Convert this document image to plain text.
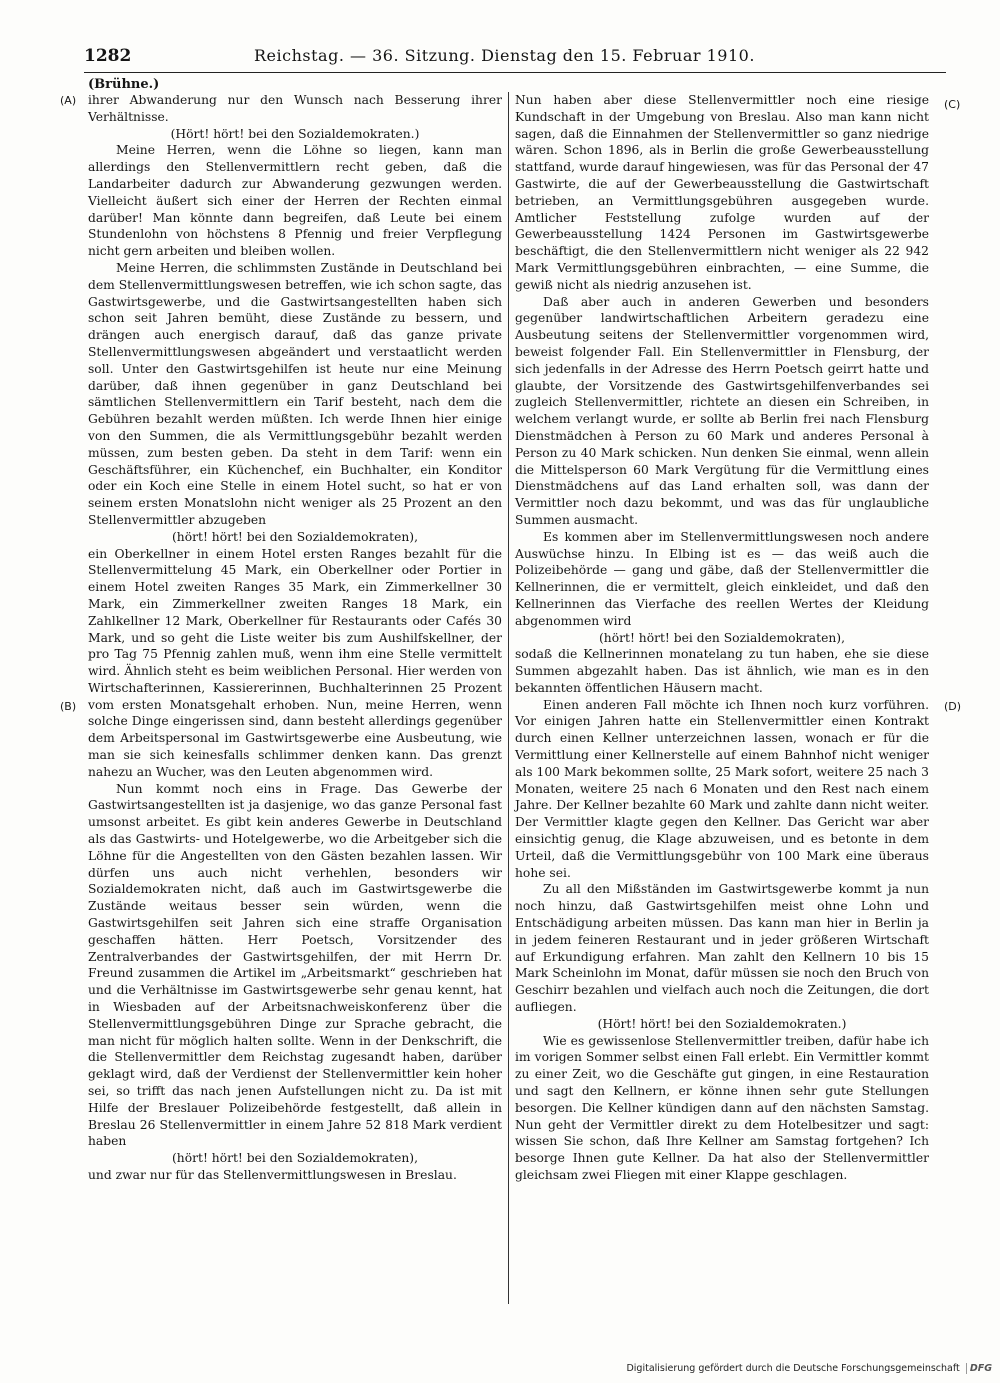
1282	Reichstag. — 36. Sitzung. Dienstag den 15. Februar 1910.
(Brühne.)
(A)
(B)
(C)
(D)

ihrer Abwanderung nur den Wunsch nach Besserung ihrer Verhältnisse.

(Hört! hört! bei den Sozialdemokraten.)

Meine Herren, wenn die Löhne so liegen, kann man allerdings den Stellenvermittlern recht geben, daß die Landarbeiter dadurch zur Abwanderung gezwungen werden. Vielleicht äußert sich einer der Herren der Rechten einmal darüber! Man könnte dann begreifen, daß Leute bei einem Stundenlohn von höchstens 8 Pfennig und freier Verpflegung nicht gern arbeiten und bleiben wollen.

Meine Herren, die schlimmsten Zustände in Deutschland bei dem Stellenvermittlungswesen betreffen, wie ich schon sagte, das Gastwirtsgewerbe, und die Gastwirtsangestellten haben sich schon seit Jahren bemüht, diese Zustände zu bessern, und drängen auch energisch darauf, daß das ganze private Stellenvermittlungswesen abgeändert und verstaatlicht werden soll. Unter den Gastwirtsgehilfen ist heute nur eine Meinung darüber, daß ihnen gegenüber in ganz Deutschland bei sämtlichen Stellenvermittlern ein Tarif besteht, nach dem die Gebühren bezahlt werden müßten. Ich werde Ihnen hier einige von den Summen, die als Vermittlungsgebühr bezahlt werden müssen, zum besten geben. Da steht in dem Tarif: wenn ein Geschäftsführer, ein Küchenchef, ein Buchhalter, ein Konditor oder ein Koch eine Stelle in einem Hotel sucht, so hat er von seinem ersten Monatslohn nicht weniger als 25 Prozent an den Stellenvermittler abzugeben

(hört! hört! bei den Sozialdemokraten),

ein Oberkellner in einem Hotel ersten Ranges bezahlt für die Stellenvermittelung 45 Mark, ein Oberkellner oder Portier in einem Hotel zweiten Ranges 35 Mark, ein Zimmerkellner 30 Mark, ein Zimmerkellner zweiten Ranges 18 Mark, ein Zahlkellner 12 Mark, Oberkellner für Restaurants oder Cafés 30 Mark, und so geht die Liste weiter bis zum Aushilfskellner, der pro Tag 75 Pfennig zahlen muß, wenn ihm eine Stelle vermittelt wird. Ähnlich steht es beim weiblichen Personal. Hier werden von Wirtschafterinnen, Kassiererinnen, Buchhalterinnen 25 Prozent vom ersten Monatsgehalt erhoben. Nun, meine Herren, wenn solche Dinge eingerissen sind, dann besteht allerdings gegenüber dem Arbeitspersonal im Gastwirtsgewerbe eine Ausbeutung, wie man sie sich keinesfalls schlimmer denken kann. Das grenzt nahezu an Wucher, was den Leuten abgenommen wird.

Nun kommt noch eins in Frage. Das Gewerbe der Gastwirtsangestellten ist ja dasjenige, wo das ganze Personal fast umsonst arbeitet. Es gibt kein anderes Gewerbe in Deutschland als das Gastwirts- und Hotelgewerbe, wo die Arbeitgeber sich die Löhne für die Angestellten von den Gästen bezahlen lassen. Wir dürfen uns auch nicht verhehlen, besonders wir Sozialdemokraten nicht, daß auch im Gastwirtsgewerbe die Zustände weitaus besser sein würden, wenn die Gastwirtsgehilfen seit Jahren sich eine straffe Organisation geschaffen hätten. Herr Poetsch, Vorsitzender des Zentralverbandes der Gastwirtsgehilfen, der mit Herrn Dr. Freund zusammen die Artikel im „Arbeitsmarkt“ geschrieben hat und die Verhältnisse im Gastwirtsgewerbe sehr genau kennt, hat in Wiesbaden auf der Arbeitsnachweiskonferenz über die Stellenvermittlungsgebühren Dinge zur Sprache gebracht, die man nicht für möglich halten sollte. Wenn in der Denkschrift, die die Stellenvermittler dem Reichstag zugesandt haben, darüber geklagt wird, daß der Verdienst der Stellenvermittler kein hoher sei, so trifft das nach jenen Aufstellungen nicht zu. Da ist mit Hilfe der Breslauer Polizeibehörde festgestellt, daß allein in Breslau 26 Stellenvermittler in einem Jahre 52 818 Mark verdient haben

(hört! hört! bei den Sozialdemokraten),

und zwar nur für das Stellenvermittlungswesen in Breslau.

Nun haben aber diese Stellenvermittler noch eine riesige Kundschaft in der Umgebung von Breslau. Also man kann nicht sagen, daß die Einnahmen der Stellenvermittler so ganz niedrige wären. Schon 1896, als in Berlin die große Gewerbeausstellung stattfand, wurde darauf hingewiesen, was für das Personal der 47 Gastwirte, die auf der Gewerbeausstellung die Gastwirtschaft betrieben, an Vermittlungsgebühren ausgegeben wurde. Amtlicher Feststellung zufolge wurden auf der Gewerbeausstellung 1424 Personen im Gastwirtsgewerbe beschäftigt, die den Stellenvermittlern nicht weniger als 22 942 Mark Vermittlungsgebühren einbrachten, — eine Summe, die gewiß nicht als niedrig anzusehen ist.

Daß aber auch in anderen Gewerben und besonders gegenüber landwirtschaftlichen Arbeitern geradezu eine Ausbeutung seitens der Stellenvermittler vorgenommen wird, beweist folgender Fall. Ein Stellenvermittler in Flensburg, der sich jedenfalls in der Adresse des Herrn Poetsch geirrt hatte und glaubte, der Vorsitzende des Gastwirtsgehilfenverbandes sei zugleich Stellenvermittler, richtete an diesen ein Schreiben, in welchem verlangt wurde, er sollte ab Berlin frei nach Flensburg Dienstmädchen à Person zu 60 Mark und anderes Personal à Person zu 40 Mark schicken. Nun denken Sie einmal, wenn allein die Mittelsperson 60 Mark Vergütung für die Vermittlung eines Dienstmädchens auf das Land erhalten soll, was dann der Vermittler noch dazu bekommt, und was das für unglaubliche Summen ausmacht.

Es kommen aber im Stellenvermittlungswesen noch andere Auswüchse hinzu. In Elbing ist es — das weiß auch die Polizeibehörde — gang und gäbe, daß der Stellenvermittler die Kellnerinnen, die er vermittelt, gleich einkleidet, und daß den Kellnerinnen das Vierfache des reellen Wertes der Kleidung abgenommen wird

(hört! hört! bei den Sozialdemokraten),

sodaß die Kellnerinnen monatelang zu tun haben, ehe sie diese Summen abgezahlt haben. Das ist ähnlich, wie man es in den bekannten öffentlichen Häusern macht.

Einen anderen Fall möchte ich Ihnen noch kurz vorführen. Vor einigen Jahren hatte ein Stellenvermittler einen Kontrakt durch einen Kellner unterzeichnen lassen, wonach er für die Vermittlung einer Kellnerstelle auf einem Bahnhof nicht weniger als 100 Mark bekommen sollte, 25 Mark sofort, weitere 25 nach 3 Monaten, weitere 25 nach 6 Monaten und den Rest nach einem Jahre. Der Kellner bezahlte 60 Mark und zahlte dann nicht weiter. Der Vermittler klagte gegen den Kellner. Das Gericht war aber einsichtig genug, die Klage abzuweisen, und es betonte in dem Urteil, daß die Vermittlungsgebühr von 100 Mark eine überaus hohe sei.

Zu all den Mißständen im Gastwirtsgewerbe kommt ja nun noch hinzu, daß Gastwirtsgehilfen meist ohne Lohn und Entschädigung arbeiten müssen. Das kann man hier in Berlin ja in jedem feineren Restaurant und in jeder größeren Wirtschaft auf Erkundigung erfahren. Man zahlt den Kellnern 10 bis 15 Mark Scheinlohn im Monat, dafür müssen sie noch den Bruch von Geschirr bezahlen und vielfach auch noch die Zeitungen, die dort aufliegen.

(Hört! hört! bei den Sozialdemokraten.)

Wie es gewissenlose Stellenvermittler treiben, dafür habe ich im vorigen Sommer selbst einen Fall erlebt. Ein Vermittler kommt zu einer Zeit, wo die Geschäfte gut gingen, in eine Restauration und sagt den Kellnern, er könne ihnen sehr gute Stellungen besorgen. Die Kellner kündigen dann auf den nächsten Samstag. Nun geht der Vermittler direkt zu dem Hotelbesitzer und sagt: wissen Sie schon, daß Ihre Kellner am Samstag fortgehen? Ich besorge Ihnen gute Kellner. Da hat also der Stellenvermittler gleichsam zwei Fliegen mit einer Klappe geschlagen.

Digitalisierung gefördert durch die Deutsche Forschungsgemeinschaft DFG
